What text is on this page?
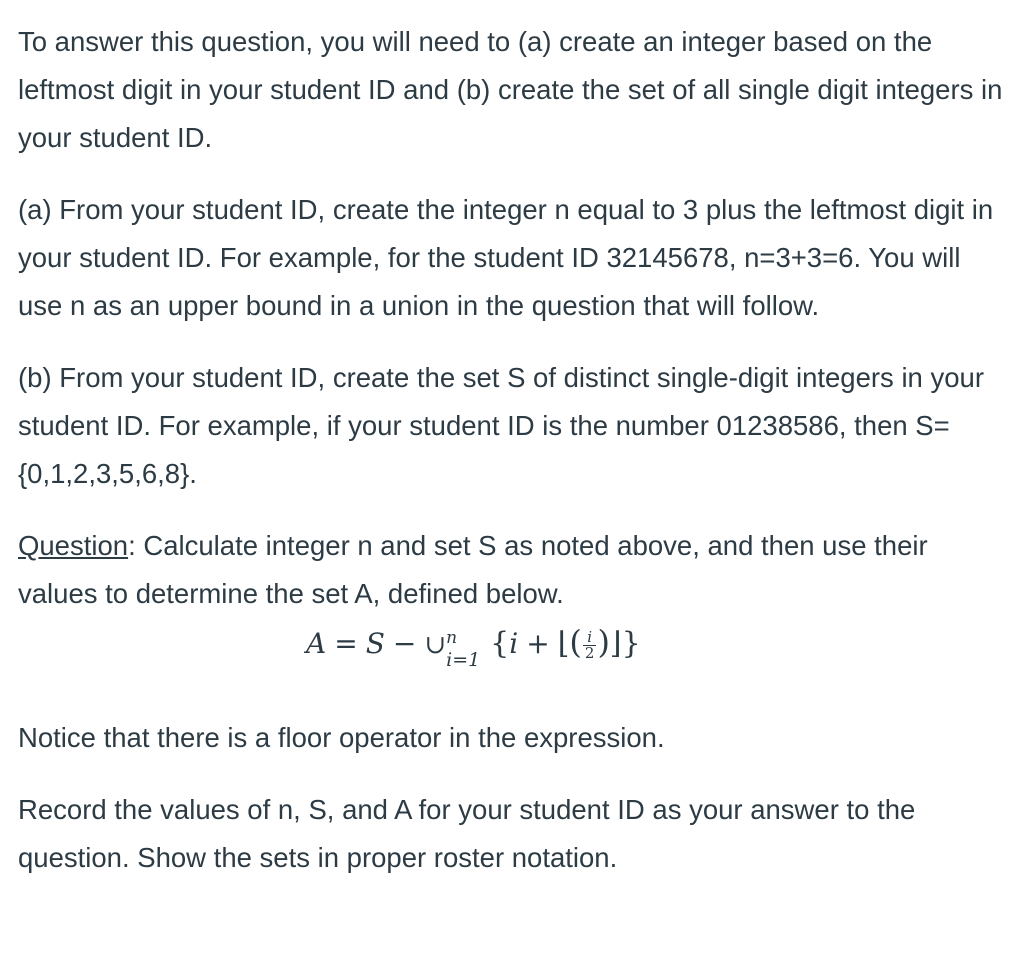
To answer this question, you will need to (a) create an integer based on the leftmost digit in your student ID and (b) create the set of all single digit integers in your student ID.

(a) From your student ID, create the integer n equal to 3 plus the leftmost digit in your student ID. For example, for the student ID 32145678, n=3+3=6. You will use n as an upper bound in a union in the question that will follow.

(b) From your student ID, create the set S of distinct single-digit integers in your student ID. For example, if your student ID is the number 01238586, then S={0,1,2,3,5,6,8}.

Question: Calculate integer n and set S as noted above, and then use their values to determine the set A, defined below.

A = S − ∪ n
i=1 {i + ⌊( $\frac{i}{2}$ )⌋}

Notice that there is a floor operator in the expression.

Record the values of n, S, and A for your student ID as your answer to the question. Show the sets in proper roster notation.
